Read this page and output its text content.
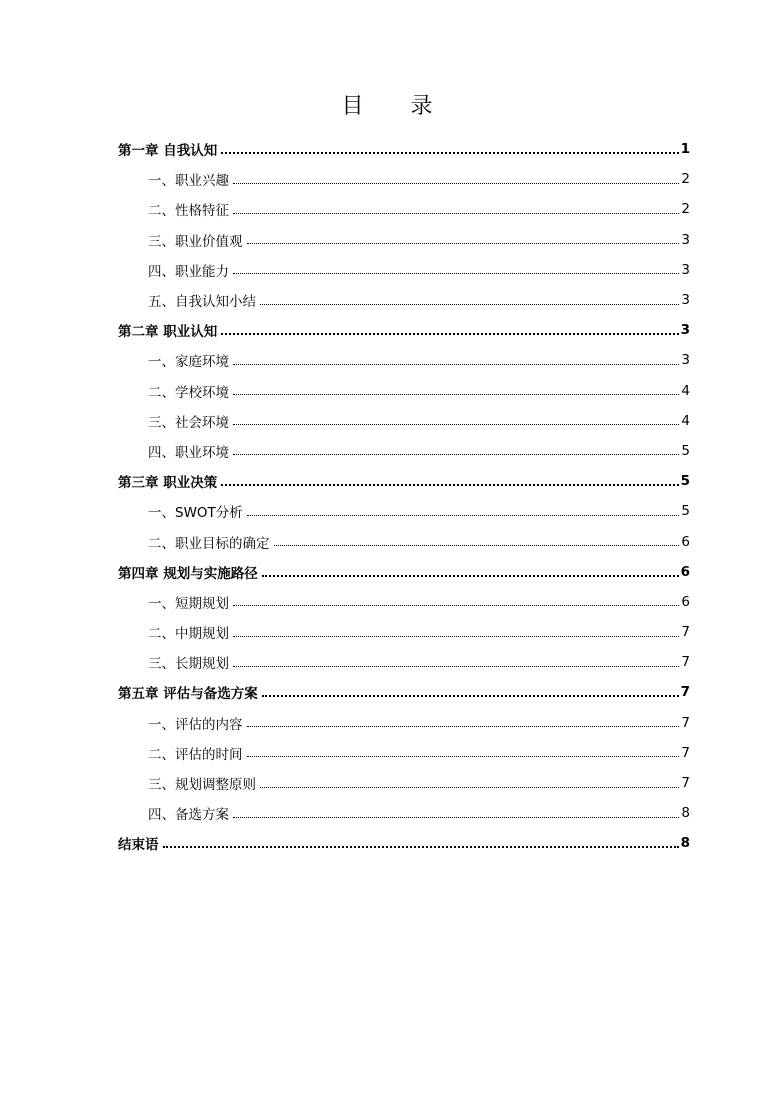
目 录
第一章 自我认知	1
一、职业兴趣	2
二、性格特征	2
三、职业价值观	3
四、职业能力	3
五、自我认知小结	3
第二章 职业认知	3
一、家庭环境	3
二、学校环境	4
三、社会环境	4
四、职业环境	5
第三章 职业决策	5
一、SWOT分析	5
二、职业目标的确定	6
第四章 规划与实施路径	6
一、短期规划	6
二、中期规划	7
三、长期规划	7
第五章 评估与备选方案	7
一、评估的内容	7
二、评估的时间	7
三、规划调整原则	7
四、备选方案	8
结束语	8
